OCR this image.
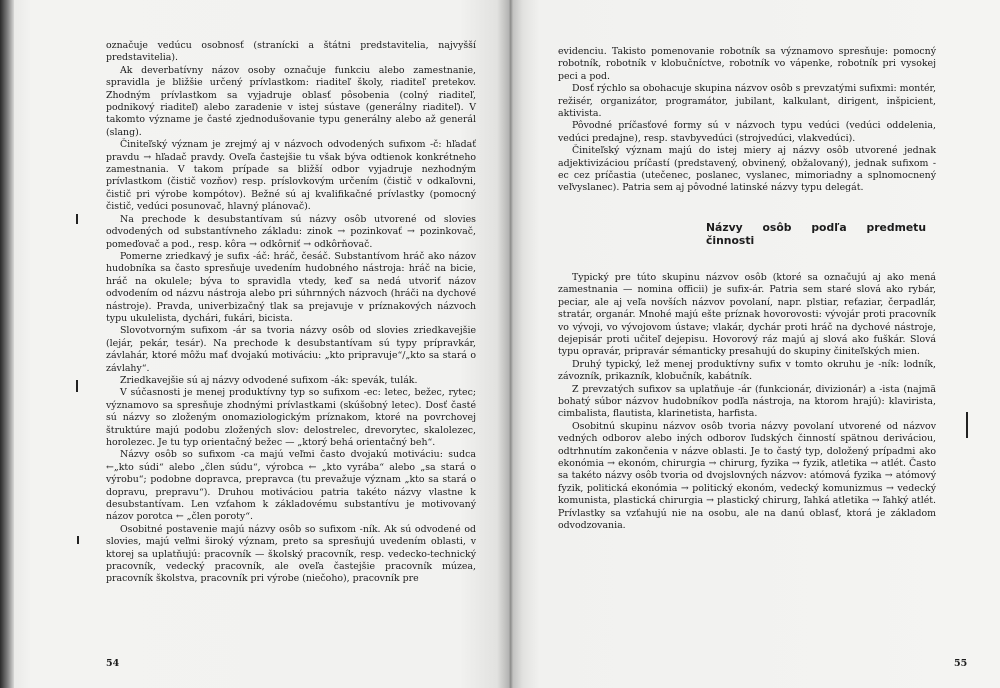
označuje vedúcu osobnosť (stranícki a štátni predstavitelia, najvyšší predstavitelia).

Ak deverbatívny názov osoby označuje funkciu alebo zamestnanie, spravidla je bližšie určený prívlastkom: riaditeľ školy, riaditeľ pretekov. Zhodným prívlastkom sa vyjadruje oblasť pôsobenia (colný riaditeľ, podnikový riaditeľ) alebo zaradenie v istej sústave (generálny riaditeľ). V takomto význame je časté zjednodušovanie typu generálny alebo až generál (slang).

Činiteľský význam je zrejmý aj v názvoch odvodených sufixom -č: hľadať pravdu → hľadač pravdy. Oveľa častejšie tu však býva odtienok konkrétneho zamestnania. V takom prípade sa bližší odbor vyjadruje nezhodným prívlastkom (čistič vozňov) resp. príslovkovým určením (čistič v odkaľovni, čistič pri výrobe kompótov). Bežné sú aj kvalifikačné prívlastky (pomocný čistič, vedúci posunovač, hlavný plánovač).

Na prechode k desubstantívam sú názvy osôb utvorené od slovies odvodených od substantívneho základu: zinok → pozinkovať → pozinkovač, pomeďovač a pod., resp. kôra → odkôrniť → odkôrňovač.

Pomerne zriedkavý je sufix -áč: hráč, česáč. Substantívom hráč ako názov hudobníka sa často spresňuje uvedením hudobného nástroja: hráč na bicie, hráč na okulele; býva to spravidla vtedy, keď sa nedá utvoriť názov odvodením od názvu nástroja alebo pri súhrnných názvoch (hráči na dychové nástroje). Pravda, univerbizačný tlak sa prejavuje v príznakových názvoch typu ukulelista, dychári, fukári, bicista.

Slovotvorným sufixom -ár sa tvoria názvy osôb od slovies zriedkavejšie (lejár, pekár, tesár). Na prechode k desubstantívam sú typy prípravkár, závlahár, ktoré môžu mať dvojakú motiváciu: „kto pripravuje“/„kto sa stará o závlahy“.

Zriedkavejšie sú aj názvy odvodené sufixom -ák: spevák, tulák.

V súčasnosti je menej produktívny typ so sufixom -ec: letec, bežec, rytec; významovo sa spresňuje zhodnými prívlastkami (skúšobný letec). Dosť časté sú názvy so zloženým onomaziologickým príznakom, ktoré na povrchovej štruktúre majú podobu zložených slov: delostrelec, drevorytec, skalolezec, horolezec. Je tu typ orientačný bežec — „ktorý behá orientačný beh“.

Názvy osôb so sufixom -ca majú veľmi často dvojakú motiváciu: sudca ←„kto súdi“ alebo „člen súdu“, výrobca ← „kto vyrába“ alebo „sa stará o výrobu“; podobne dopravca, prepravca (tu prevažuje význam „kto sa stará o dopravu, prepravu“). Druhou motiváciou patria takéto názvy vlastne k desubstantívam. Len vzťahom k základovému substantívu je motivovaný názov porotca ← „člen poroty“.

Osobitné postavenie majú názvy osôb so sufixom -ník. Ak sú odvodené od slovies, majú veľmi široký význam, preto sa spresňujú uvedením oblasti, v ktorej sa uplatňujú: pracovník — školský pracovník, resp. vedecko-technický pracovník, vedecký pracovník, ale oveľa častejšie pracovník múzea, pracovník školstva, pracovník pri výrobe (niečoho), pracovník pre

54

evidenciu. Takisto pomenovanie robotník sa významovo spresňuje: pomocný robotník, robotník v klobučníctve, robotník vo vápenke, robotník pri vysokej peci a pod.

Dosť rýchlo sa obohacuje skupina názvov osôb s prevzatými sufixmi: montér, režisér, organizátor, programátor, jubilant, kalkulant, dirigent, inšpicient, aktivista.

Pôvodné príčasťové formy sú v názvoch typu vedúci (vedúci oddelenia, vedúci predajne), resp. stavbyvedúci (strojvedúci, vlakvedúci).

Činiteľský význam majú do istej miery aj názvy osôb utvorené jednak adjektivizáciou príčastí (predstavený, obvinený, obžalovaný), jednak sufixom -ec cez príčastia (utečenec, poslanec, vyslanec, mimoriadny a splnomocnený veľvyslanec). Patria sem aj pôvodné latinské názvy typu delegát.

Názvy osôb podľa predmetu činnosti

Typický pre túto skupinu názvov osôb (ktoré sa označujú aj ako mená zamestnania — nomina officii) je sufix-ár. Patria sem staré slová ako rybár, peciar, ale aj veľa novších názvov povolaní, napr. plstiar, reťaziar, čerpadlár, stratár, organár. Mnohé majú ešte príznak hovorovosti: vývojár proti pracovník vo vývoji, vo vývojovom ústave; vlakár, dychár proti hráč na dychové nástroje, dejepisár proti učiteľ dejepisu. Hovorový ráz majú aj slová ako fuškár. Slová typu opravár, pripravár sémanticky presahujú do skupiny činiteľských mien.

Druhý typický, lež menej produktívny sufix v tomto okruhu je -ník: lodník, závozník, prikazník, klobučník, kabátník.

Z prevzatých sufixov sa uplatňuje -ár (funkcionár, divizionár) a -ista (najmä bohatý súbor názvov hudobníkov podľa nástroja, na ktorom hrajú): klavirista, cimbalista, flautista, klarinetista, harfista.

Osobitnú skupinu názvov osôb tvoria názvy povolaní utvorené od názvov vedných odborov alebo iných odborov ľudských činností spätnou deriváciou, odtrhnutím zakončenia v názve oblasti. Je to častý typ, doložený prípadmi ako ekonómia → ekonóm, chirurgia → chirurg, fyzika → fyzik, atletika → atlét. Často sa takéto názvy osôb tvoria od dvojslovných názvov: atómová fyzika → atómový fyzik, politická ekonómia → politický ekonóm, vedecký komunizmus → vedecký komunista, plastická chirurgia → plastický chirurg, ľahká atletika → ľahký atlét. Prívlastky sa vzťahujú nie na osobu, ale na danú oblasť, ktorá je základom odvodzovania.

55
